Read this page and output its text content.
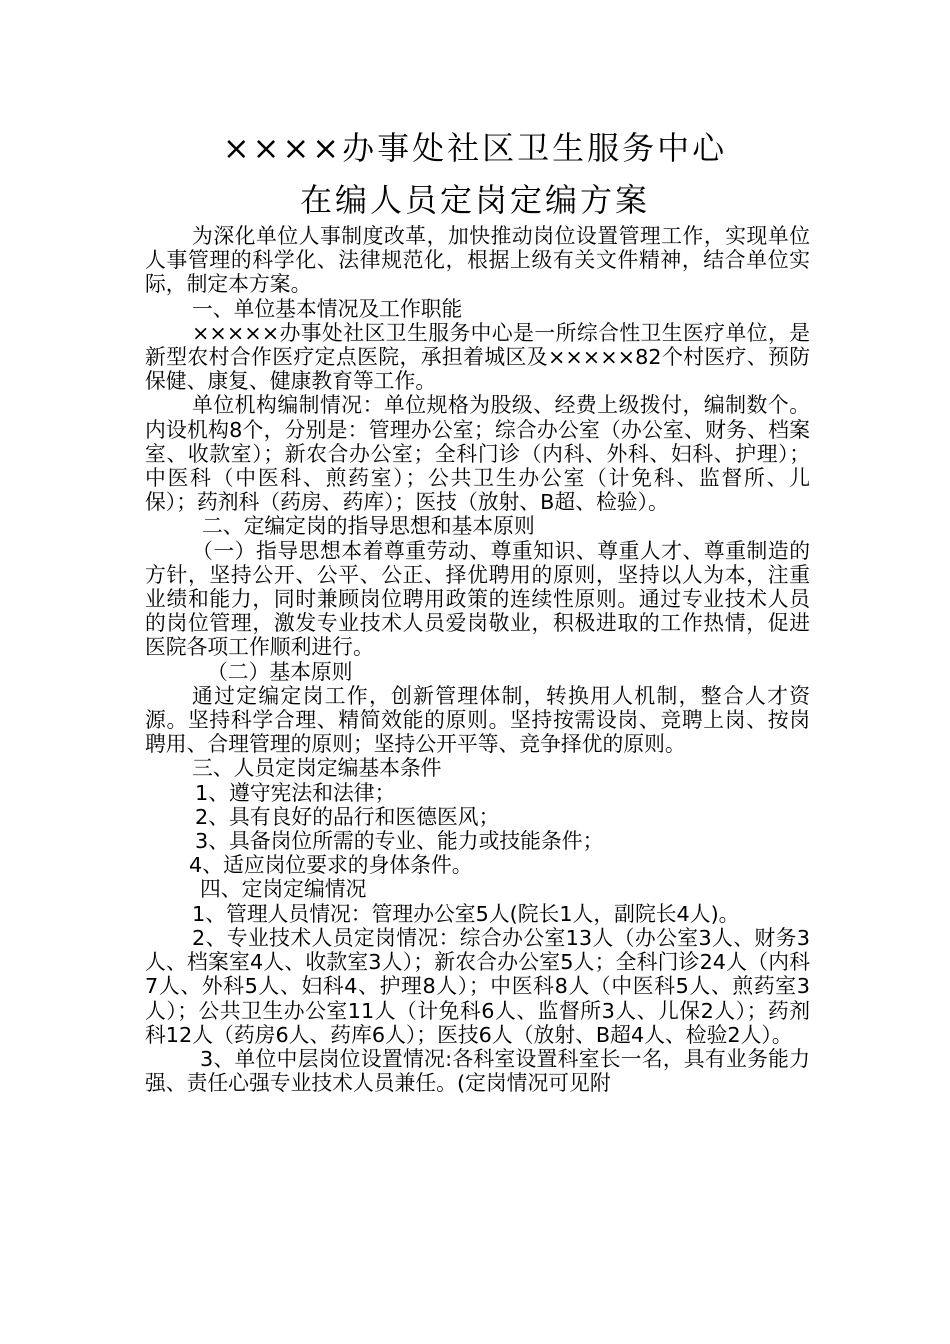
××××办事处社区卫生服务中心
在编人员定岗定编方案

为深化单位人事制度改革，加快推动岗位设置管理工作，实现单位人事管理的科学化、法律规范化，根据上级有关文件精神，结合单位实际，制定本方案。

一、单位基本情况及工作职能

×××××办事处社区卫生服务中心是一所综合性卫生医疗单位，是新型农村合作医疗定点医院，承担着城区及×××××82个村医疗、预防保健、康复、健康教育等工作。

单位机构编制情况：单位规格为股级、经费上级拨付，编制数个。内设机构8个，分别是：管理办公室；综合办公室（办公室、财务、档案室、收款室）；新农合办公室；全科门诊（内科、外科、妇科、护理）；中医科（中医科、煎药室）；公共卫生办公室（计免科、监督所、儿保）；药剂科（药房、药库）；医技（放射、B超、检验）。

二、定编定岗的指导思想和基本原则

（一）指导思想本着尊重劳动、尊重知识、尊重人才、尊重制造的方针，坚持公开、公平、公正、择优聘用的原则，坚持以人为本，注重业绩和能力，同时兼顾岗位聘用政策的连续性原则。通过专业技术人员的岗位管理，激发专业技术人员爱岗敬业，积极进取的工作热情，促进医院各项工作顺利进行。

（二）基本原则

通过定编定岗工作，创新管理体制，转换用人机制，整合人才资源。坚持科学合理、精简效能的原则。坚持按需设岗、竞聘上岗、按岗聘用、合理管理的原则；坚持公开平等、竞争择优的原则。

三、人员定岗定编基本条件

1、遵守宪法和法律；

2、具有良好的品行和医德医风；

3、具备岗位所需的专业、能力或技能条件；

4、适应岗位要求的身体条件。

四、定岗定编情况

1、管理人员情况：管理办公室5人(院长1人，副院长4人)。

2、专业技术人员定岗情况：综合办公室13人（办公室3人、财务3人、档案室4人、收款室3人）；新农合办公室5人；全科门诊24人（内科7人、外科5人、妇科4、护理8人）；中医科8人（中医科5人、煎药室3人）；公共卫生办公室11人（计免科6人、监督所3人、儿保2人）；药剂科12人（药房6人、药库6人）；医技6人（放射、B超4人、检验2人）。

3、单位中层岗位设置情况:各科室设置科室长一名，具有业务能力强、责任心强专业技术人员兼任。(定岗情况可见附
